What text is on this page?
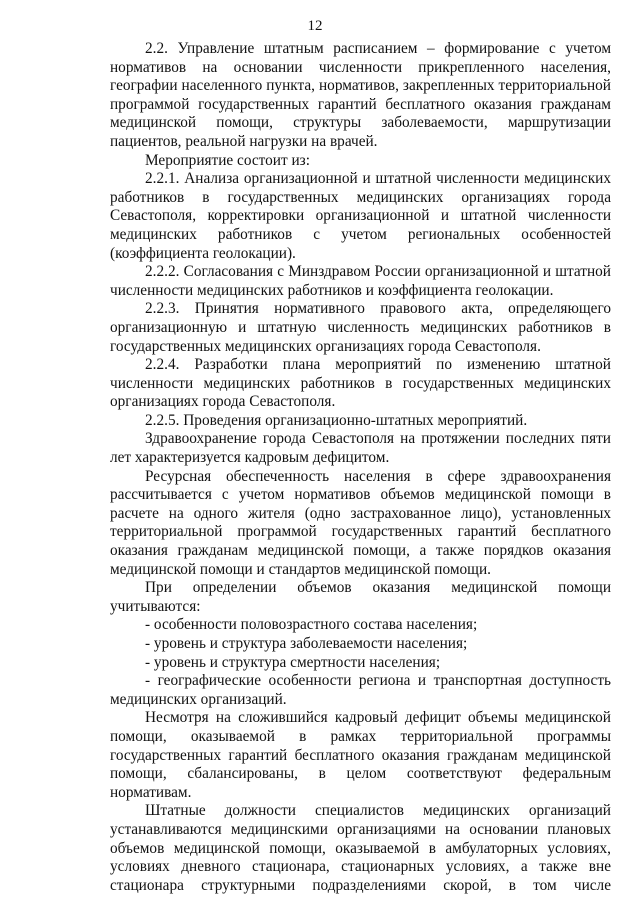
12

2.2. Управление штатным расписанием – формирование с учетом нормативов на основании численности прикрепленного населения, географии населенного пункта, нормативов, закрепленных территориальной программой государственных гарантий бесплатного оказания гражданам медицинской помощи, структуры заболеваемости, маршрутизации пациентов, реальной нагрузки на врачей.

Мероприятие состоит из:

2.2.1. Анализа организационной и штатной численности медицинских работников в государственных медицинских организациях города Севастополя, корректировки организационной и штатной численности медицинских работников с учетом региональных особенностей (коэффициента геолокации).

2.2.2. Согласования с Минздравом России организационной и штатной численности медицинских работников и коэффициента геолокации.

2.2.3. Принятия нормативного правового акта, определяющего организационную и штатную численность медицинских работников в государственных медицинских организациях города Севастополя.

2.2.4. Разработки плана мероприятий по изменению штатной численности медицинских работников в государственных медицинских организациях города Севастополя.

2.2.5. Проведения организационно-штатных мероприятий.

Здравоохранение города Севастополя на протяжении последних пяти лет характеризуется кадровым дефицитом.

Ресурсная обеспеченность населения в сфере здравоохранения рассчитывается с учетом нормативов объемов медицинской помощи в расчете на одного жителя (одно застрахованное лицо), установленных территориальной программой государственных гарантий бесплатного оказания гражданам медицинской помощи, а также порядков оказания медицинской помощи и стандартов медицинской помощи.

При определении объемов оказания медицинской помощи учитываются:

- особенности половозрастного состава населения;

- уровень и структура заболеваемости населения;

- уровень и структура смертности населения;

- географические особенности региона и транспортная доступность медицинских организаций.

Несмотря на сложившийся кадровый дефицит объемы медицинской помощи, оказываемой в рамках территориальной программы государственных гарантий бесплатного оказания гражданам медицинской помощи, сбалансированы, в целом соответствуют федеральным нормативам.

Штатные должности специалистов медицинских организаций устанавливаются медицинскими организациями на основании плановых объемов медицинской помощи, оказываемой в амбулаторных условиях, условиях дневного стационара, стационарных условиях, а также вне стационара структурными подразделениями скорой, в том числе
